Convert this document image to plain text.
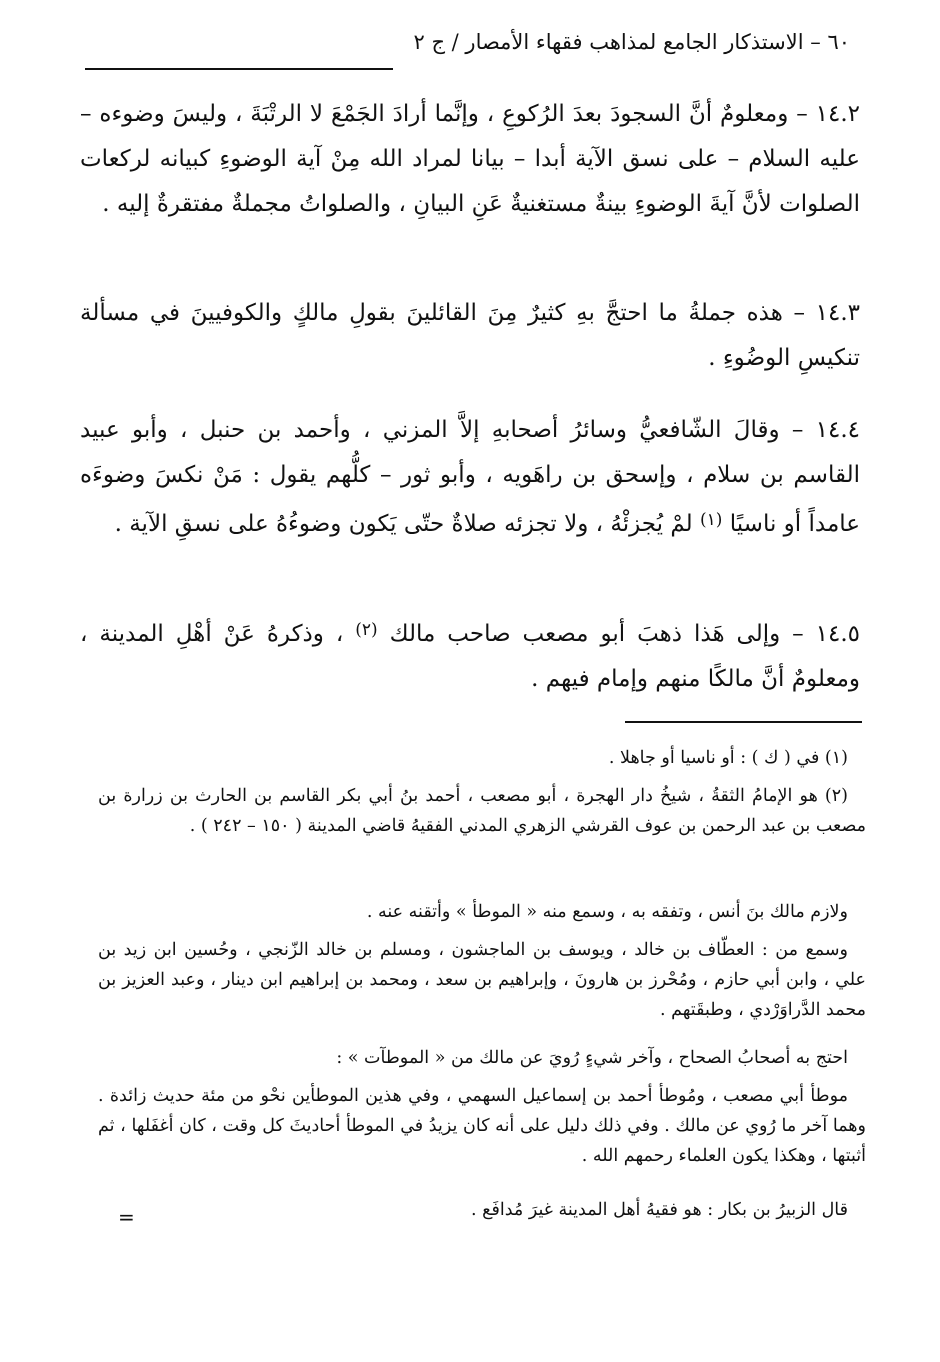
٦٠ – الاستذكار الجامع لمذاهب فقهاء الأمصار / ج ٢
١٤.٢ – ومعلومٌ أنَّ السجودَ بعدَ الرُكوعِ ، وإنَّما أرادَ الجَمْعَ لا الرتْبَةَ ، وليسَ وضوءه – عليه السلام – على نسق الآية أبدا – بيانا لمراد الله مِنْ آية الوضوءِ كبيانه لركعات الصلوات لأنَّ آيةَ الوضوءِ بينةٌ مستغنيةٌ عَنِ البيانِ ، والصلواتُ مجملةٌ مفتقرةٌ إليه .
١٤.٣ – هذه جملةُ ما احتجَّ بهِ كثيرٌ مِنَ القائلينَ بقولِ مالكٍ والكوفيينَ في مسألة تنكيسِ الوضُوءِ .
١٤.٤ – وقالَ الشّافعيُّ وسائرُ أصحابهِ إلاَّ المزني ، وأحمد بن حنبل ، وأبو عبيد القاسم بن سلام ، وإسحق بن راهَويه ، وأبو ثور – كلُّهم يقول : مَنْ نكسَ وضوءَه عامداً أو ناسيًا $^{(١)}$ لمْ يُجزئْهُ ، ولا تجزئه صلاةٌ حتّى يَكون وضوءُهُ على نسقِ الآية .
١٤.٥ – وإلى هَذا ذهبَ أبو مصعب صاحب مالك $^{(٢)}$ ، وذكرهُ عَنْ أهْلِ المدينة ، ومعلومٌ أنَّ مالكًا منهم وإمام فيهم .
(١) في ( ك ) : أو ناسيا أو جاهلا .
(٢) هو الإمامُ الثقةُ ، شيخُ دار الهجرة ، أبو مصعب ، أحمد بنُ أبي بكر القاسم بن الحارث بن زرارة بن مصعب بن عبد الرحمن بن عوف القرشي الزهري المدني الفقيهُ قاضي المدينة ( ١٥٠ – ٢٤٢ ) .
ولازم مالك بنَ أنس ، وتفقه به ، وسمع منه « الموطأ » وأتقنه عنه .
وسمع من : العطّاف بن خالد ، ويوسف بن الماجشون ، ومسلم بن خالد الزّنجي ، وحُسين ابن زيد بن علي ، وابن أبي حازم ، ومُحْرز بن هارونَ ، وإبراهيم بن سعد ، ومحمد بن إبراهيم ابن دينار ، وعبد العزيز بن محمد الدَّراوَرْدي ، وطبقَتهم .
احتج به أصحابُ الصحاح ، وآخر شيءٍ رُويَ عن مالك من « الموطآت » :
موطأ أبي مصعب ، ومُوطأ أحمد بن إسماعيل السهمي ، وفي هذين الموطأين نحْو من مئة حديث زائدة . وهما آخر ما رُوي عن مالك . وفي ذلك دليل على أنه كان يزيدُ في الموطأ أحاديثَ كل وقت ، كان أغفَلها ، ثم أثبتها ، وهكذا يكون العلماء رحمهم الله .
قال الزبيرُ بن بكار : هو فقيهُ أهل المدينة غيرَ مُدافَع .
=
